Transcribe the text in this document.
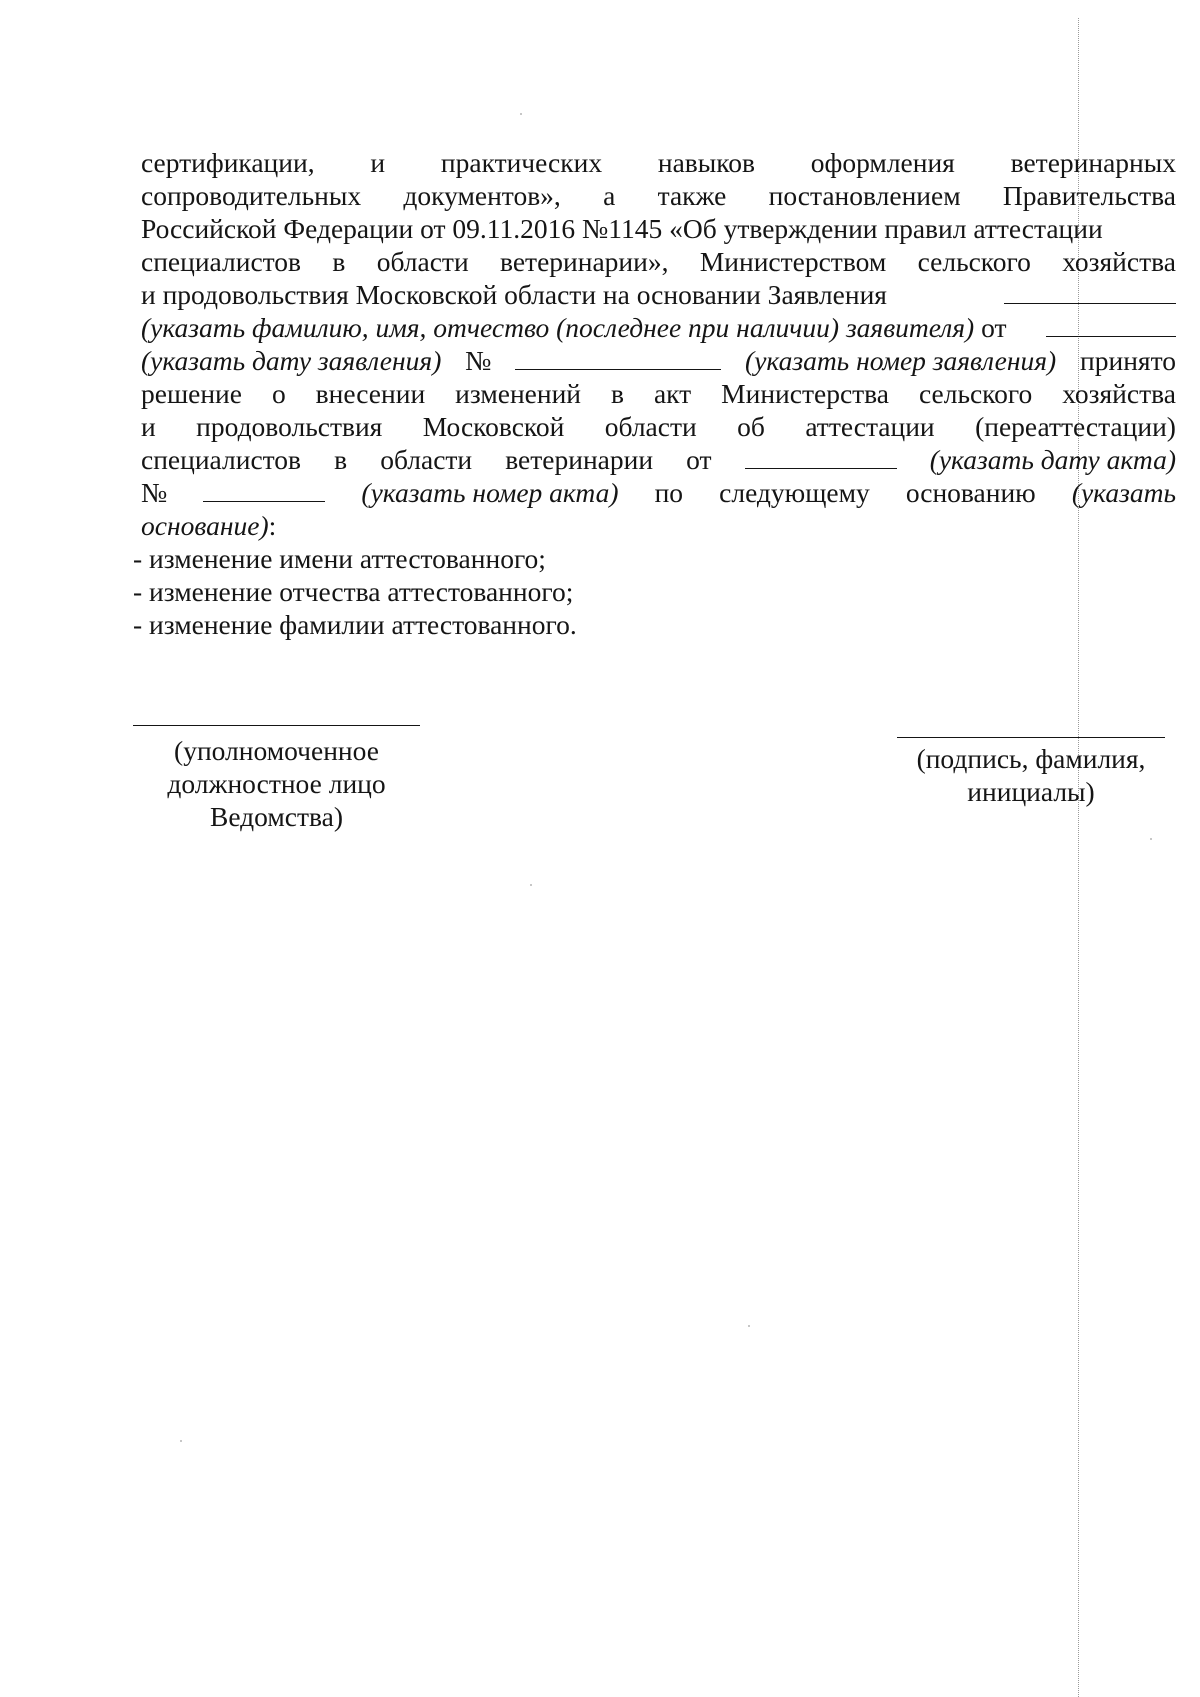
сертификации, и практических навыков оформления ветеринарных
сопроводительных документов», а также постановлением Правительства
Российской Федерации от 09.11.2016 №1145 «Об утверждении правил аттестации
специалистов в области ветеринарии», Министерством сельского хозяйства
и продовольствия Московской области на основании Заявления
(указать фамилию, имя, отчество (последнее при наличии) заявителя) от
(указать дату заявления) №	(указать номер заявления) принято
решение о внесении изменений в акт Министерства сельского хозяйства
и продовольствия Московской области об аттестации (переаттестации)
специалистов в области ветеринарии от	(указать дату акта)
№	(указать номер акта) по следующему основанию (указать
основание):
- изменение имени аттестованного;
- изменение отчества аттестованного;
- изменение фамилии аттестованного.
(уполномоченное
должностное лицо
Ведомства)
(подпись, фамилия,
инициалы)
